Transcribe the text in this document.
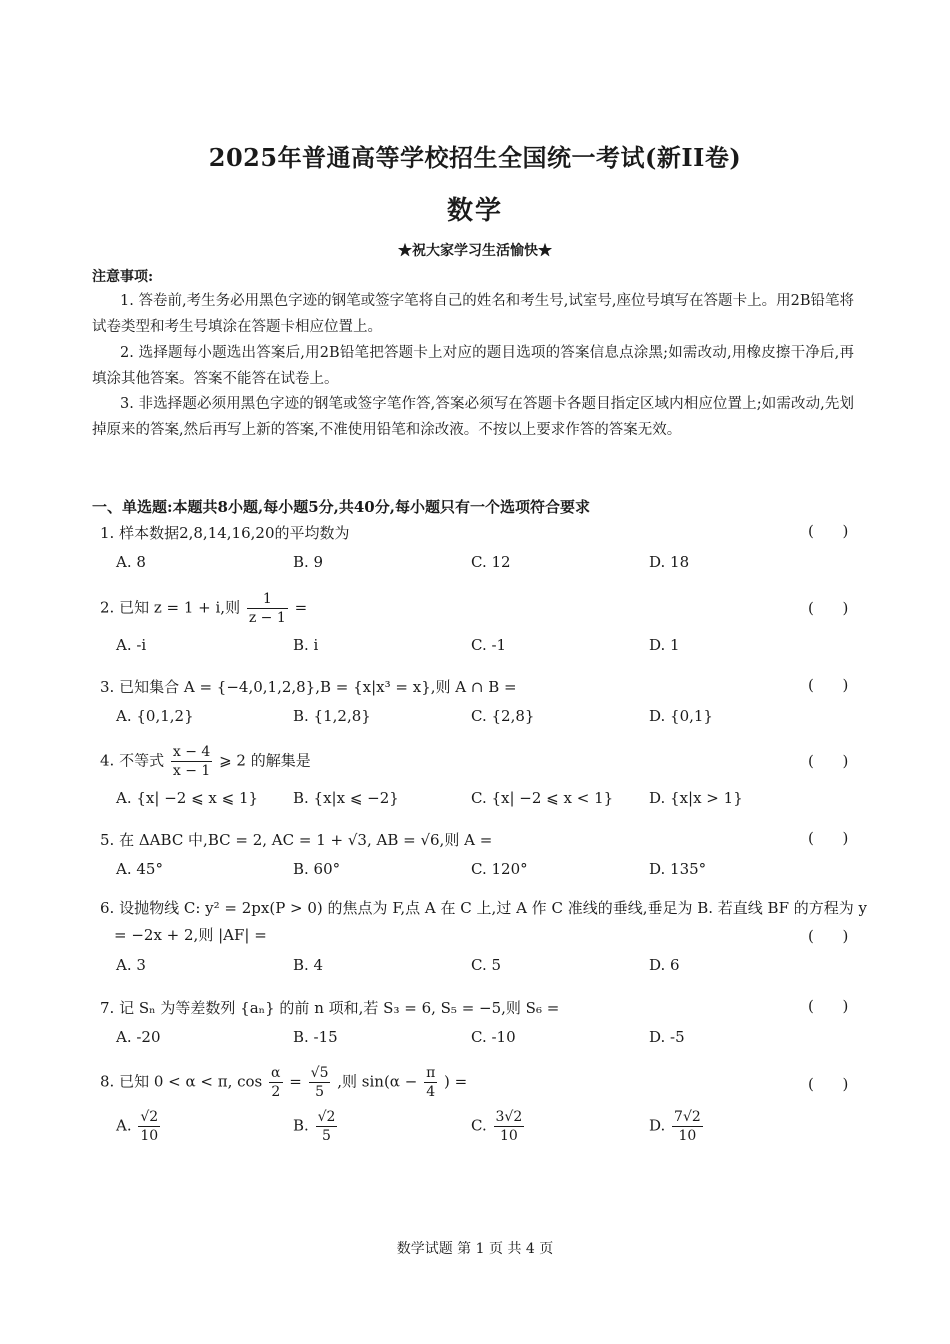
2025年普通高等学校招生全国统一考试(新II卷)
数学
★祝大家学习生活愉快★
注意事项:
1. 答卷前,考生务必用黑色字迹的钢笔或签字笔将自己的姓名和考生号,试室号,座位号填写在答题卡上。用2B铅笔将试卷类型和考生号填涂在答题卡相应位置上。
2. 选择题每小题选出答案后,用2B铅笔把答题卡上对应的题目选项的答案信息点涂黑;如需改动,用橡皮擦干净后,再填涂其他答案。答案不能答在试卷上。
3. 非选择题必须用黑色字迹的钢笔或签字笔作答,答案必须写在答题卡各题目指定区域内相应位置上;如需改动,先划掉原来的答案,然后再写上新的答案,不准使用铅笔和涂改液。不按以上要求作答的答案无效。
一、单选题:本题共8小题,每小题5分,共40分,每小题只有一个选项符合要求
1. 样本数据2,8,14,16,20的平均数为	(      )
A. 8	B. 9	C. 12	D. 18
2. 已知 z = 1 + i,则 $\frac{1}{z - 1}$ =	(      )
A. -i	B. i	C. -1	D. 1
3. 已知集合 A = {−4,0,1,2,8},B = {x|x³ = x},则 A ∩ B =	(      )
A. {0,1,2}	B. {1,2,8}	C. {2,8}	D. {0,1}
4. 不等式 $\frac{x - 4}{x - 1}$ ⩾ 2 的解集是	(      )
A. {x| −2 ⩽ x ⩽ 1} B. {x|x ⩽ −2}	C. {x| −2 ⩽ x < 1} D. {x|x > 1}
5. 在 ΔABC 中,BC = 2, AC = 1 + √3, AB = √6,则 A =	(      )
A. 45°	B. 60°	C. 120°	D. 135°
6. 设抛物线 C: y² = 2px(P > 0) 的焦点为 F,点 A 在 C 上,过 A 作 C 准线的垂线,垂足为 B. 若直线 BF 的方程为 y = −2x + 2,则 |AF| =	(      )
A. 3	B. 4	C. 5	D. 6
7. 记 Sₙ 为等差数列 {aₙ} 的前 n 项和,若 S₃ = 6, S₅ = −5,则 S₆ =	(      )
A. -20	B. -15	C. -10	D. -5
8. 已知 0 < α < π, $\cos \frac{\alpha}{2} = \frac{√5}{5}$ ,则 $\sin(\alpha - \frac{\pi}{4}$ ) =	(      )
A. $\frac{√2}{10}$	B. $\frac{√2}{5}$	C. $\frac{3√2}{10}$	D. $\frac{7√2}{10}$
数学试题 第 1 页 共 4 页
